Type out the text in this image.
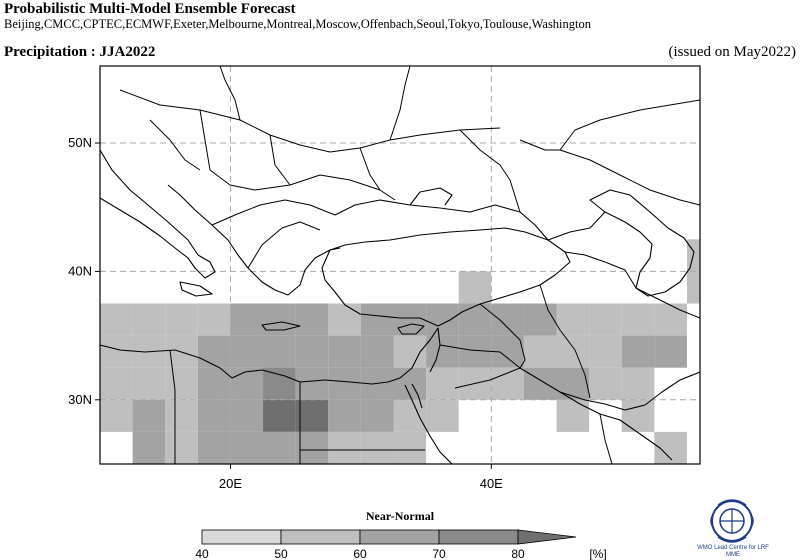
Probabilistic Multi-Model Ensemble Forecast
Beijing,CMCC,CPTEC,ECMWF,Exeter,Melbourne,Montreal,Moscow,Offenbach,Seoul,Tokyo,Toulouse,Washington
Precipitation : JJA2022	(issued on May2022)
30N
40N
50N
20E	40E
Near-Normal
40	50	60	70	80	[%]	WMO Lead Centre for LRF MME
